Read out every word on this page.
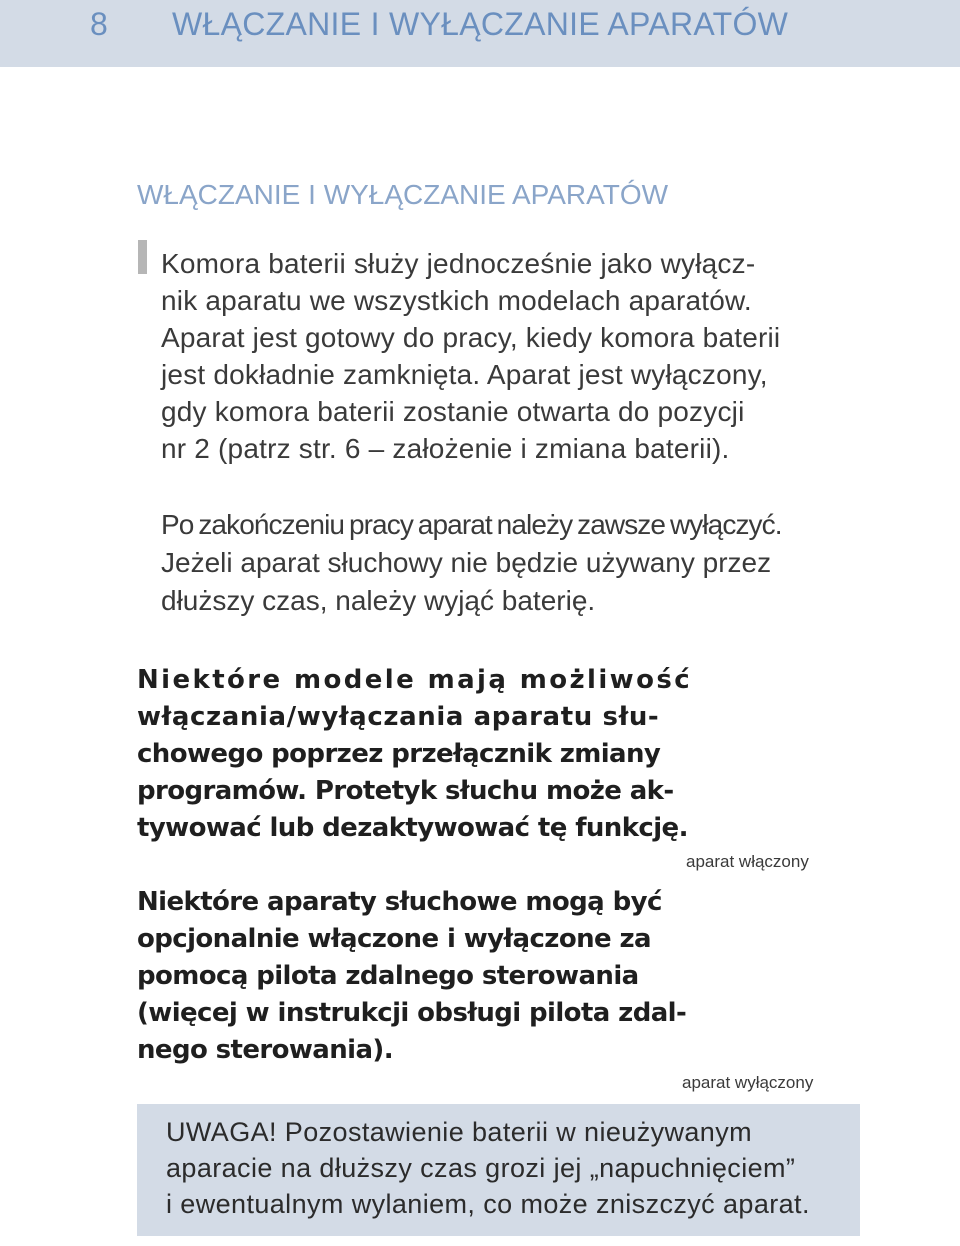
8 WŁĄCZANIE I WYŁĄCZANIE APARATÓW
WŁĄCZANIE I WYŁĄCZANIE APARATÓW

Komora baterii służy jednocześnie jako wyłącz-
nik aparatu we wszystkich modelach aparatów.
Aparat jest gotowy do pracy, kiedy komora baterii
jest dokładnie zamknięta. Aparat jest wyłączony,
gdy komora baterii zostanie otwarta do pozycji
nr 2 (patrz str. 6 – założenie i zmiana baterii).

Po zakończeniu pracy aparat należy zawsze wyłączyć.
Jeżeli aparat słuchowy nie będzie używany przez
dłuższy czas, należy wyjąć baterię.

Niektóre modele mają możliwość
włączania/wyłączania aparatu słu-
chowego poprzez przełącznik zmiany
programów. Protetyk słuchu może ak-
tywować lub dezaktywować tę funkcję.

aparat włączony

Niektóre aparaty słuchowe mogą być
opcjonalnie włączone i wyłączone za
pomocą pilota zdalnego sterowania
(więcej w instrukcji obsługi pilota zdal-
nego sterowania).

aparat wyłączony

UWAGA! Pozostawienie baterii w nieużywanym
aparacie na dłuższy czas grozi jej „napuchnięciem”
i ewentualnym wylaniem, co może zniszczyć aparat.
